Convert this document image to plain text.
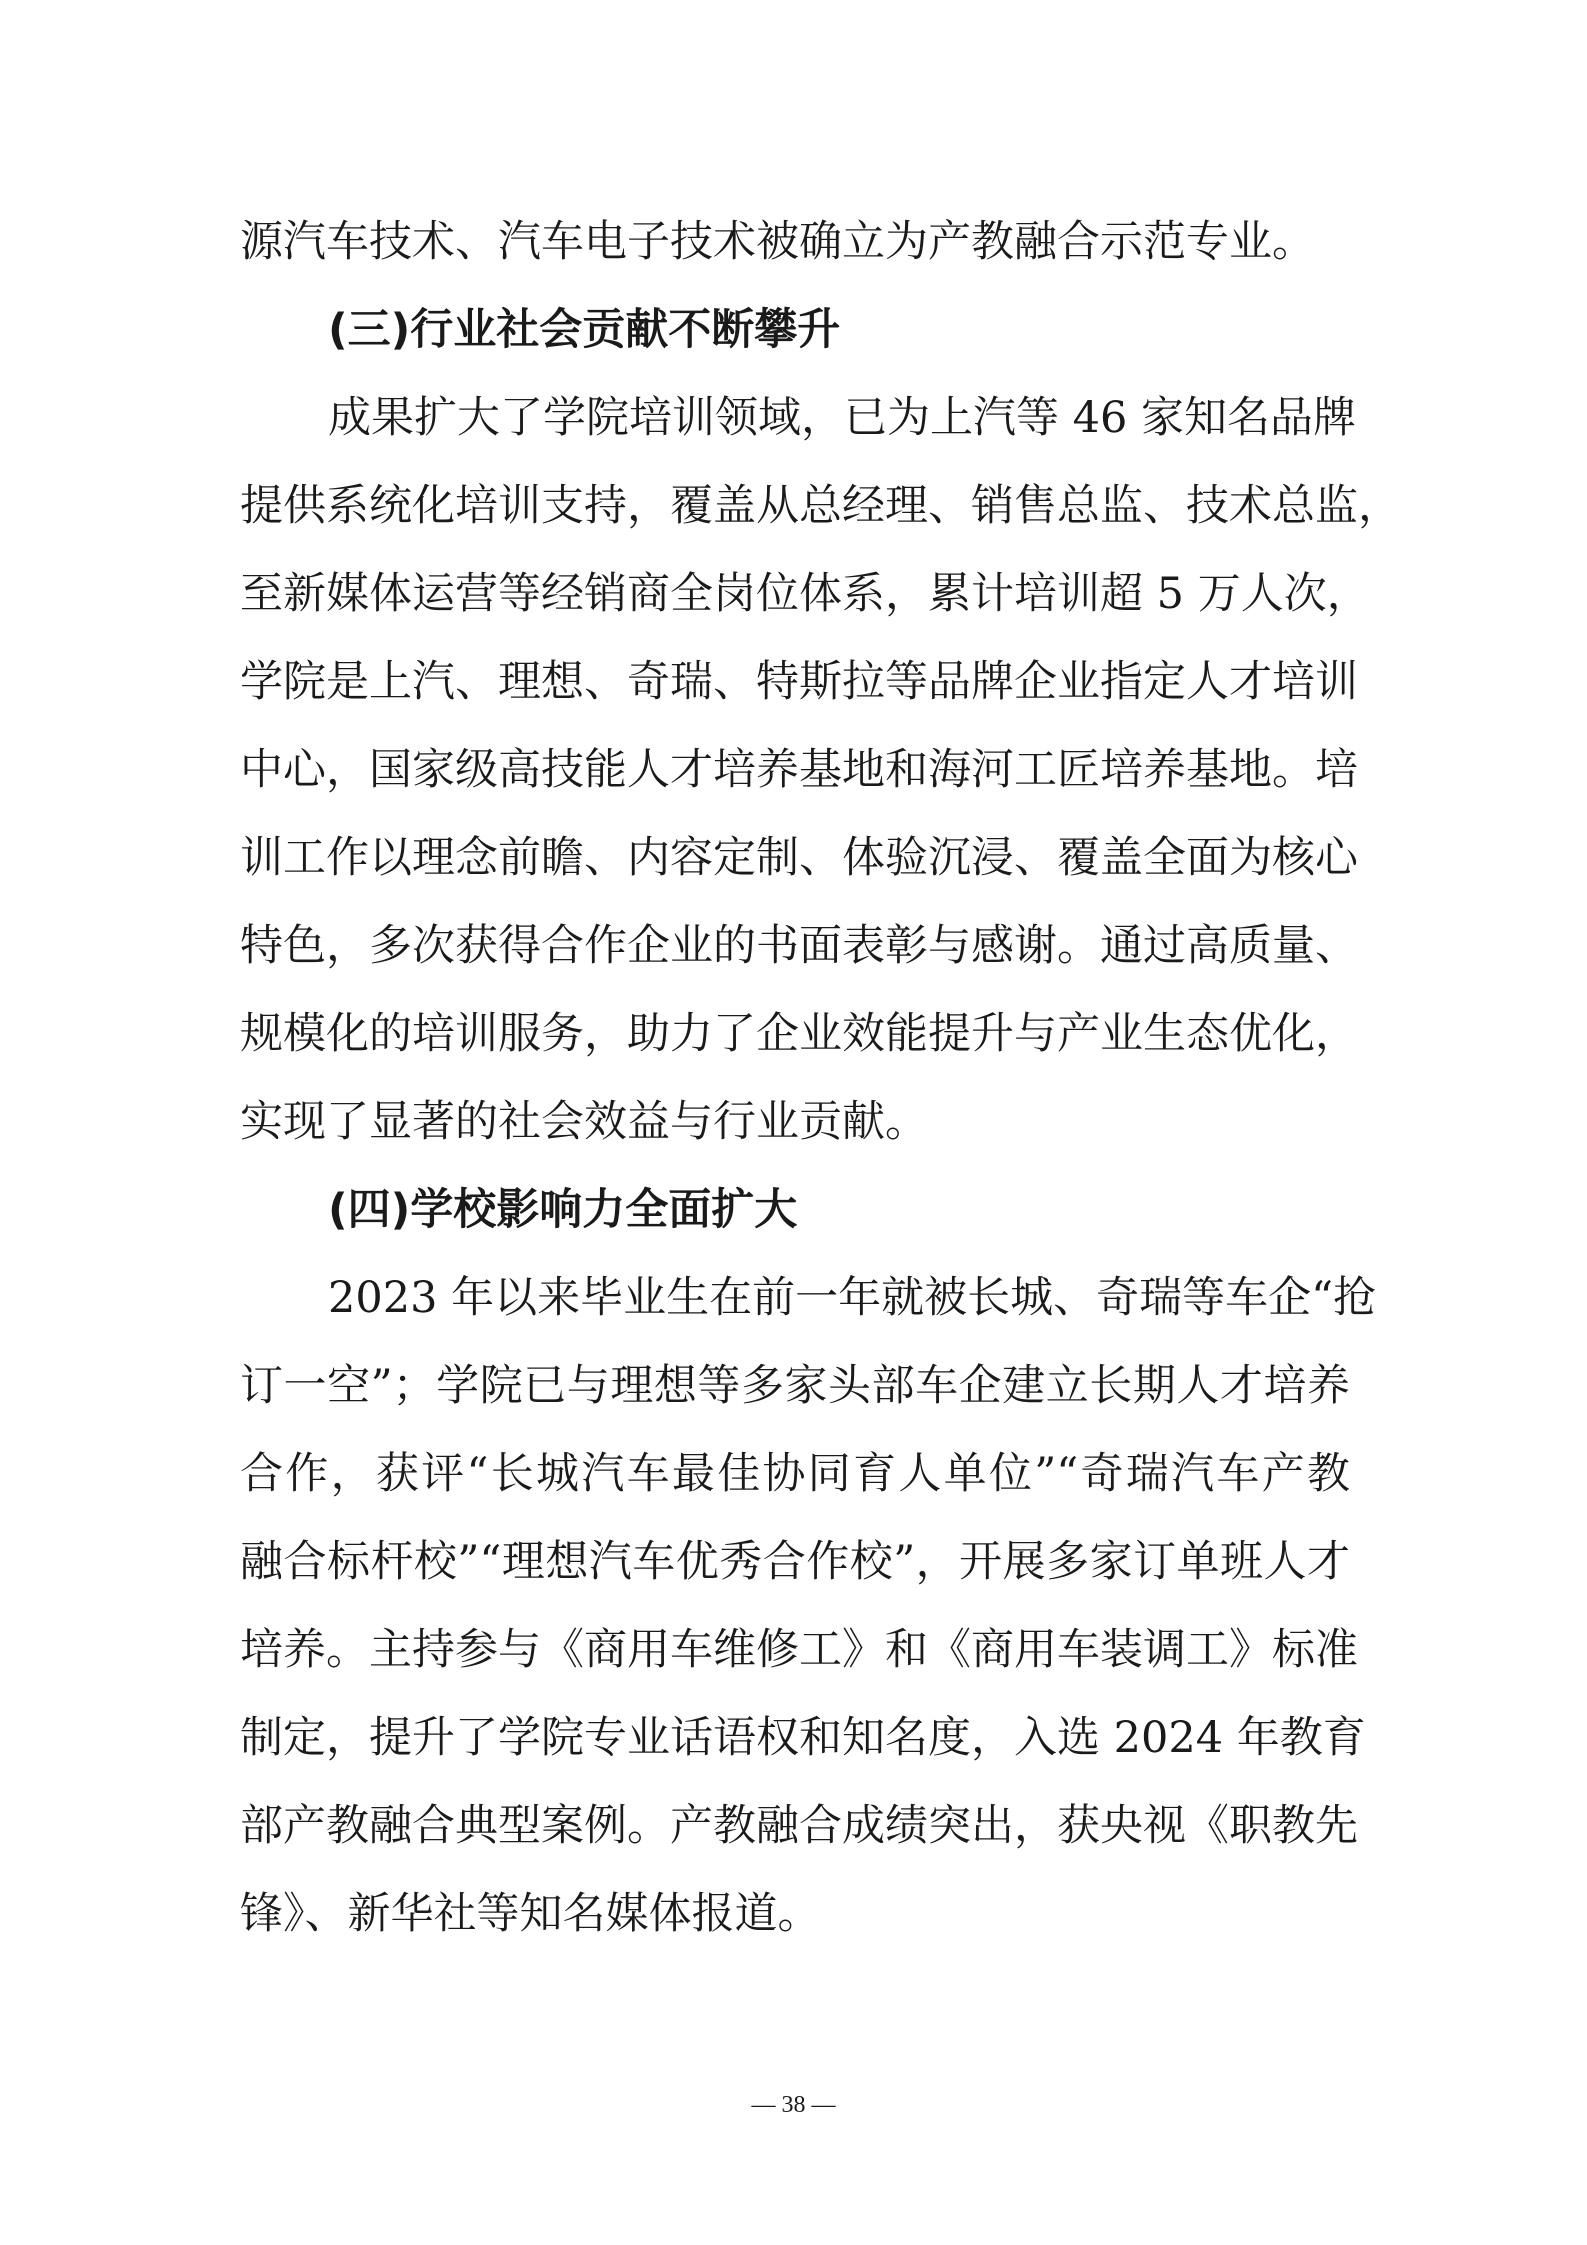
源汽车技术、汽车电子技术被确立为产教融合示范专业。
(三)行业社会贡献不断攀升
成果扩大了学院培训领域，已为上汽等 46 家知名品牌
提供系统化培训支持，覆盖从总经理、销售总监、技术总监，
至新媒体运营等经销商全岗位体系，累计培训超 5 万人次，
学院是上汽、理想、奇瑞、特斯拉等品牌企业指定人才培训
中心，国家级高技能人才培养基地和海河工匠培养基地。培
训工作以理念前瞻、内容定制、体验沉浸、覆盖全面为核心
特色，多次获得合作企业的书面表彰与感谢。通过高质量、
规模化的培训服务，助力了企业效能提升与产业生态优化，
实现了显著的社会效益与行业贡献。
(四)学校影响力全面扩大
2023 年以来毕业生在前一年就被长城、奇瑞等车企“抢
订一空”；学院已与理想等多家头部车企建立长期人才培养
合作，获评“长城汽车最佳协同育人单位”“奇瑞汽车产教
融合标杆校”“理想汽车优秀合作校”，开展多家订单班人才
培养。主持参与《商用车维修工》和《商用车装调工》标准
制定，提升了学院专业话语权和知名度，入选 2024 年教育
部产教融合典型案例。产教融合成绩突出，获央视《职教先
锋》、新华社等知名媒体报道。
— 38 —
